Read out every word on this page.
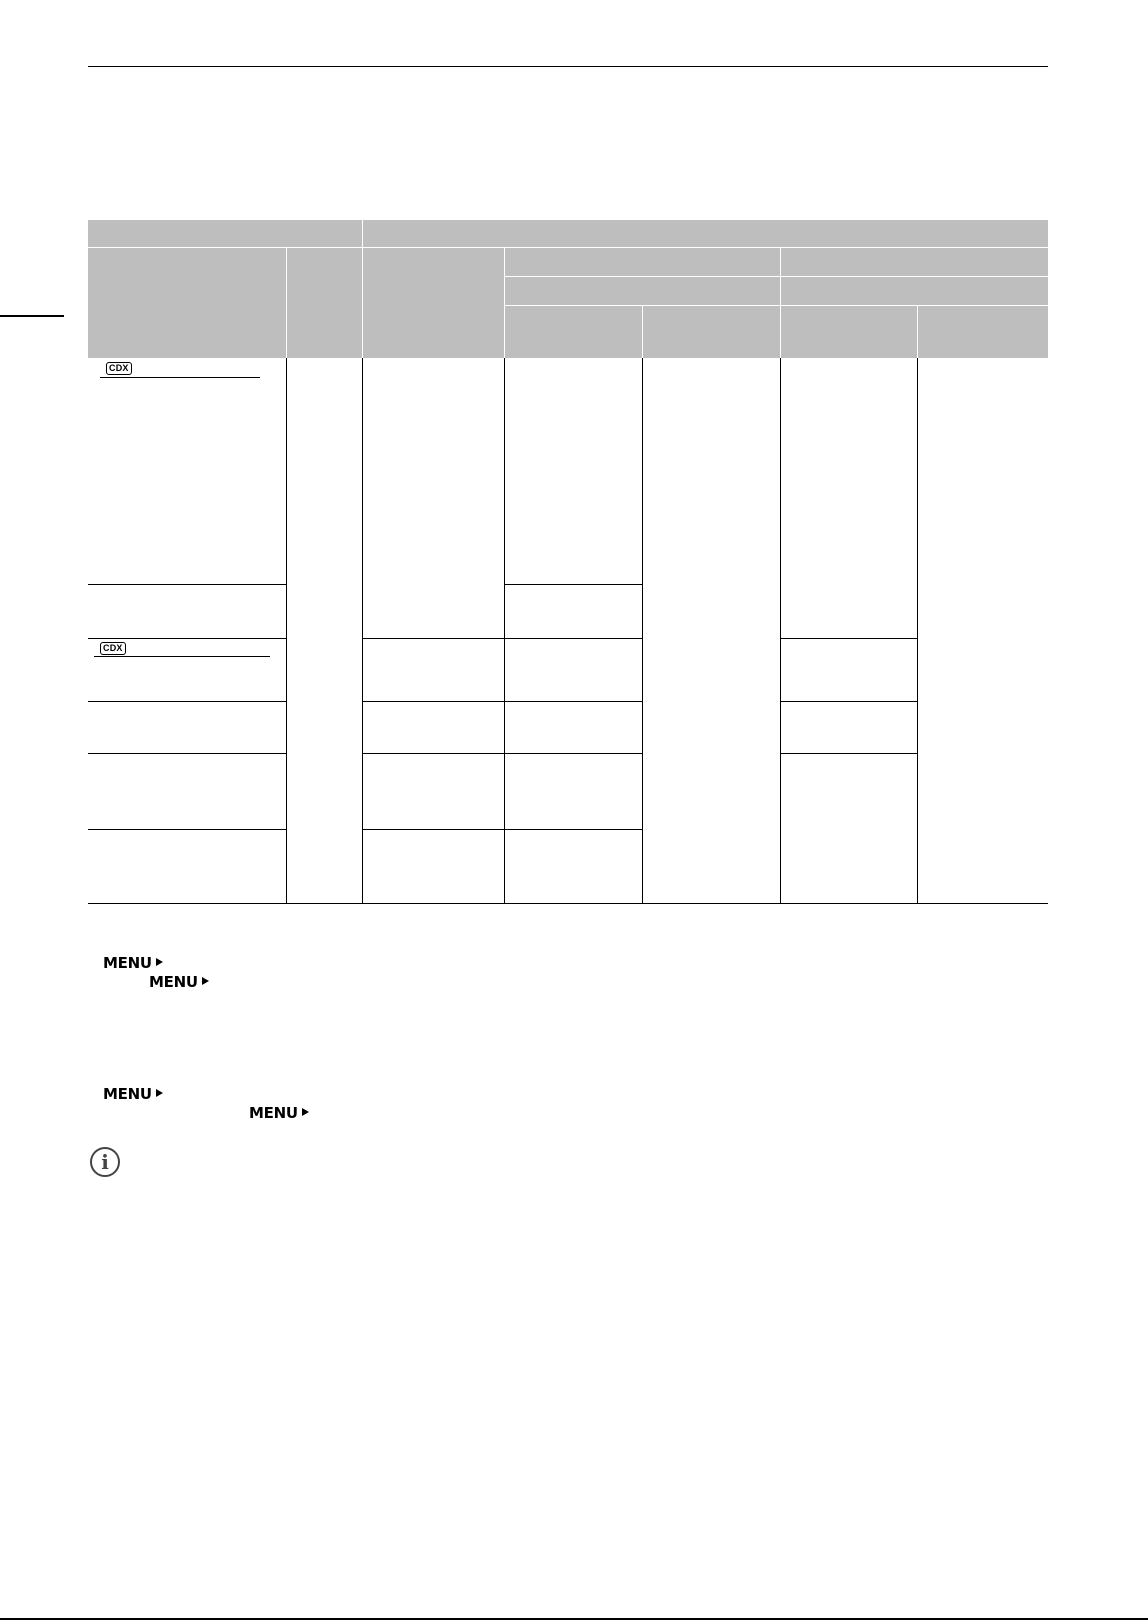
CDX
CDX
MENU
MENU
MENU
MENU
i
